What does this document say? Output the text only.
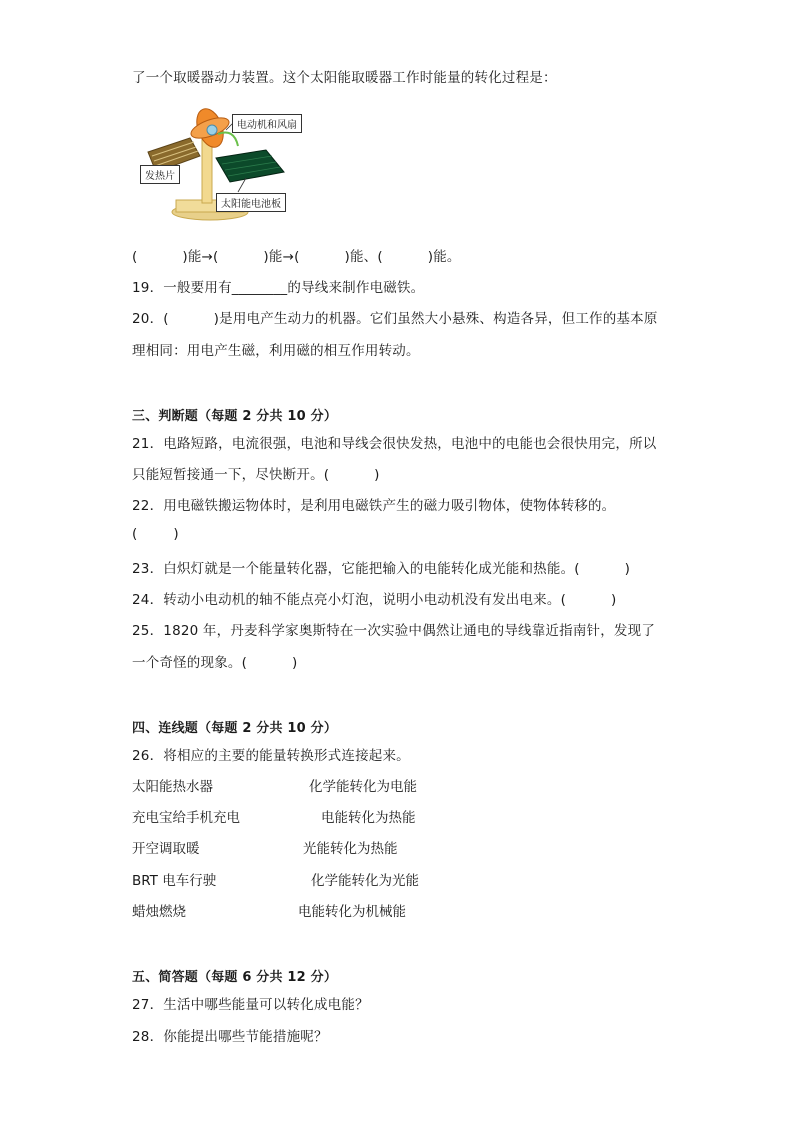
了一个取暖器动力装置。这个太阳能取暖器工作时能量的转化过程是：
电动机和风扇
发热片
太阳能电池板
(          )能→(          )能→(          )能、(          )能。
19．一般要用有________的导线来制作电磁铁。
20．(          )是用电产生动力的机器。它们虽然大小悬殊、构造各异，但工作的基本原
理相同：用电产生磁，利用磁的相互作用转动。
三、判断题（每题 2 分共 10 分）
21．电路短路，电流很强，电池和导线会很快发热，电池中的电能也会很快用完，所以
只能短暂接通一下，尽快断开。(          )
22．用电磁铁搬运物体时，是利用电磁铁产生的磁力吸引物体，使物体转移的。
(        )
23．白炽灯就是一个能量转化器，它能把输入的电能转化成光能和热能。(          )
24．转动小电动机的轴不能点亮小灯泡，说明小电动机没有发出电来。(          )
25．1820 年，丹麦科学家奥斯特在一次实验中偶然让通电的导线靠近指南针，发现了
一个奇怪的现象。(          )
四、连线题（每题 2 分共 10 分）
26．将相应的主要的能量转换形式连接起来。
太阳能热水器	化学能转化为电能
充电宝给手机充电	电能转化为热能
开空调取暖	光能转化为热能
BRT 电车行驶	化学能转化为光能
蜡烛燃烧	电能转化为机械能
五、简答题（每题 6 分共 12 分）
27．生活中哪些能量可以转化成电能？
28．你能提出哪些节能措施呢？
